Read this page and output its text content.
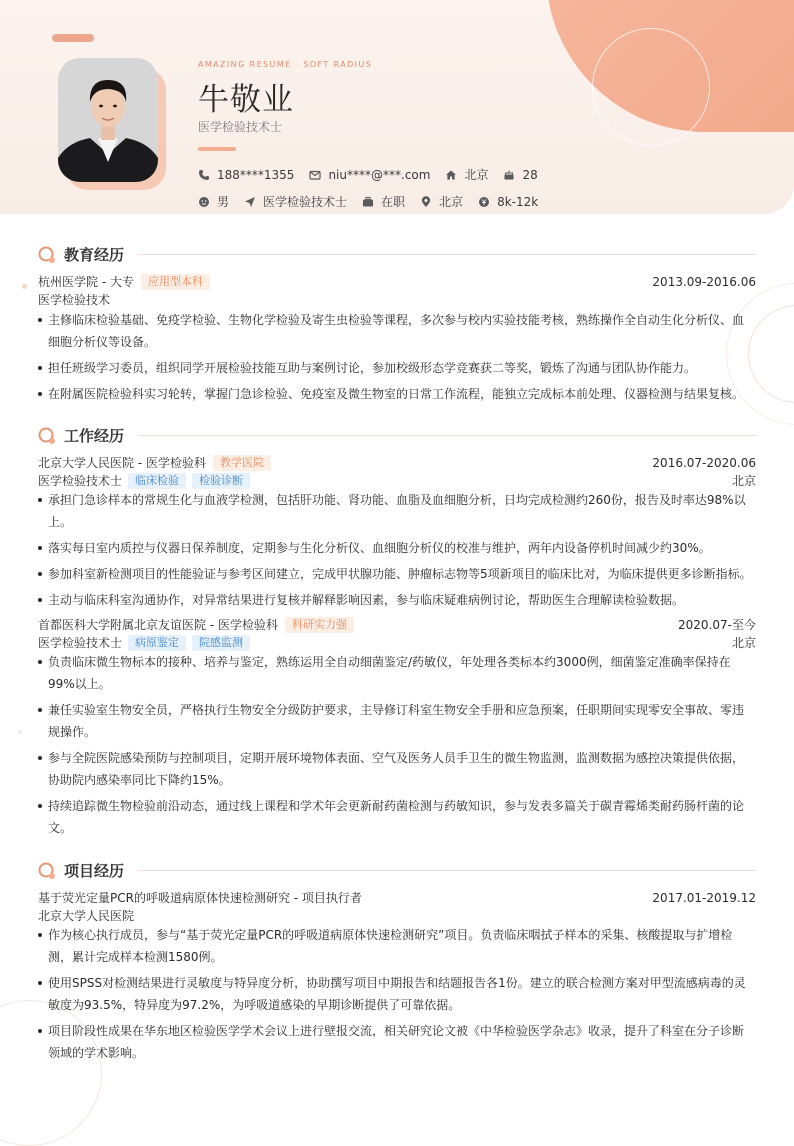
AMAZING RESUME · SOFT RADIUS
牛敬业
医学检验技术士
188****1355	niu****@***.com	北京	28
男	医学检验技术士	在职	北京	8k-12k
教育经历
杭州医学院 - 大专	应用型本科	2013.09-2016.06
医学检验技术
主修临床检验基础、免疫学检验、生物化学检验及寄生虫检验等课程，多次参与校内实验技能考核，熟练操作全自动生化分析仪、血细胞分析仪等设备。
担任班级学习委员，组织同学开展检验技能互助与案例讨论，参加校级形态学竞赛获二等奖，锻炼了沟通与团队协作能力。
在附属医院检验科实习轮转，掌握门急诊检验、免疫室及微生物室的日常工作流程，能独立完成标本前处理、仪器检测与结果复核。
工作经历
北京大学人民医院 - 医学检验科	教学医院	2016.07-2020.06
医学检验技术士	临床检验	检验诊断	北京
承担门急诊样本的常规生化与血液学检测，包括肝功能、肾功能、血脂及血细胞分析，日均完成检测约260份，报告及时率达98%以上。
落实每日室内质控与仪器日保养制度，定期参与生化分析仪、血细胞分析仪的校准与维护，两年内设备停机时间减少约30%。
参加科室新检测项目的性能验证与参考区间建立，完成甲状腺功能、肿瘤标志物等5项新项目的临床比对，为临床提供更多诊断指标。
主动与临床科室沟通协作，对异常结果进行复核并解释影响因素，参与临床疑难病例讨论，帮助医生合理解读检验数据。
首都医科大学附属北京友谊医院 - 医学检验科	科研实力强	2020.07-至今
医学检验技术士	病原鉴定	院感监测	北京
负责临床微生物标本的接种、培养与鉴定，熟练运用全自动细菌鉴定/药敏仪，年处理各类标本约3000例，细菌鉴定准确率保持在99%以上。
兼任实验室生物安全员，严格执行生物安全分级防护要求，主导修订科室生物安全手册和应急预案，任职期间实现零安全事故、零违规操作。
参与全院医院感染预防与控制项目，定期开展环境物体表面、空气及医务人员手卫生的微生物监测，监测数据为感控决策提供依据，协助院内感染率同比下降约15%。
持续追踪微生物检验前沿动态，通过线上课程和学术年会更新耐药菌检测与药敏知识，参与发表多篇关于碳青霉烯类耐药肠杆菌的论文。
项目经历
基于荧光定量PCR的呼吸道病原体快速检测研究 - 项目执行者	2017.01-2019.12
北京大学人民医院
作为核心执行成员，参与“基于荧光定量PCR的呼吸道病原体快速检测研究”项目。负责临床咽拭子样本的采集、核酸提取与扩增检测，累计完成样本检测1580例。
使用SPSS对检测结果进行灵敏度与特异度分析，协助撰写项目中期报告和结题报告各1份。建立的联合检测方案对甲型流感病毒的灵敏度为93.5%，特异度为97.2%，为呼吸道感染的早期诊断提供了可靠依据。
项目阶段性成果在华东地区检验医学学术会议上进行壁报交流，相关研究论文被《中华检验医学杂志》收录，提升了科室在分子诊断领域的学术影响。
